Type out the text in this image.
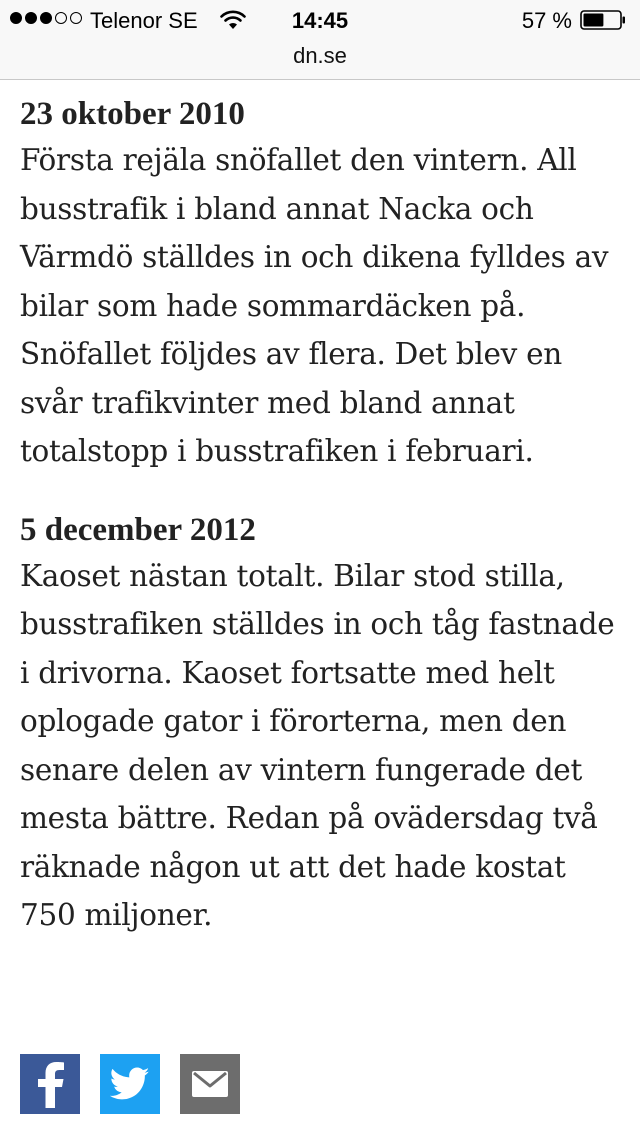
Telenor SE	14:45	57 %
dn.se
23 oktober 2010

Första rejäla snöfallet den vintern. All busstrafik i bland annat Nacka och Värmdö ställdes in och dikena fylldes av bilar som hade sommardäcken på. Snöfallet följdes av flera. Det blev en svår trafikvinter med bland annat totalstopp i busstrafiken i februari.

5 december 2012

Kaoset nästan totalt. Bilar stod stilla, busstrafiken ställdes in och tåg fastnade i drivorna. Kaoset fortsatte med helt oplogade gator i förorterna, men den senare delen av vintern fungerade det mesta bättre. Redan på ovädersdag två räknade någon ut att det hade kostat 750 miljoner.
